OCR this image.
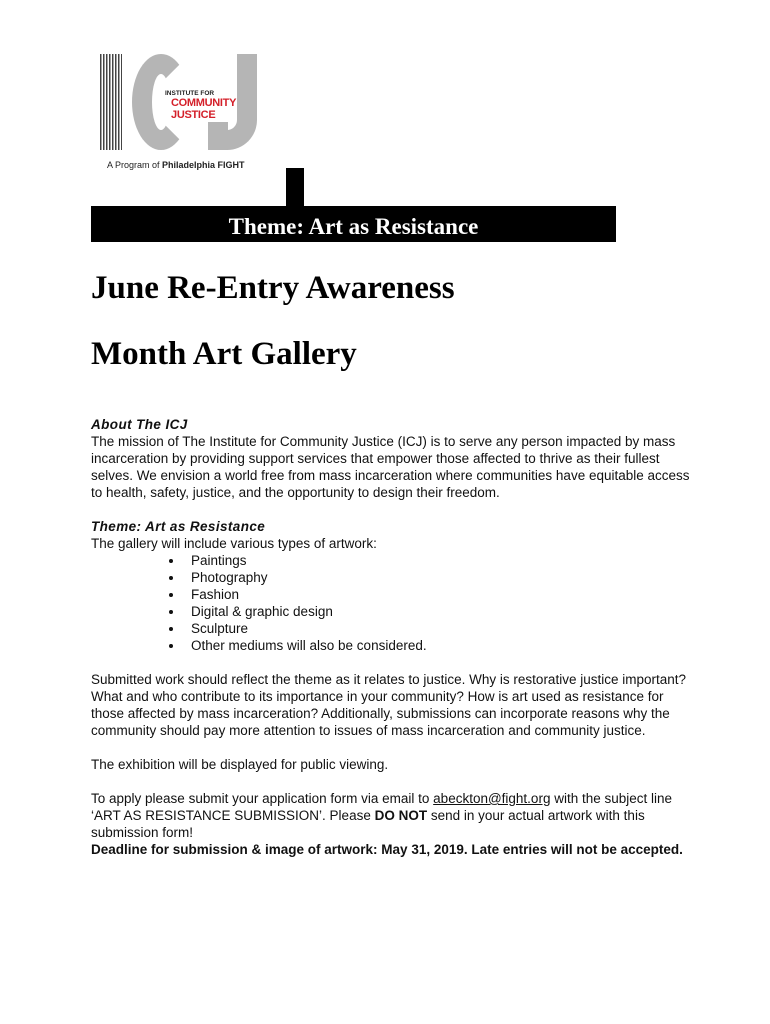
INSTITUTE FOR
COMMUNITY
JUSTICE
A Program of Philadelphia FIGHT
Theme: Art as Resistance
June Re-Entry Awareness
Month Art Gallery

About The ICJ

The mission of The Institute for Community Justice (ICJ) is to serve any person impacted by mass incarceration by providing support services that empower those affected to thrive as their fullest selves. We envision a world free from mass incarceration where communities have equitable access to health, safety, justice, and the opportunity to design their freedom.

Theme: Art as Resistance

The gallery will include various types of artwork:

• Paintings
• Photography
• Fashion
• Digital & graphic design
• Sculpture
• Other mediums will also be considered.

Submitted work should reflect the theme as it relates to justice. Why is restorative justice important? What and who contribute to its importance in your community? How is art used as resistance for those affected by mass incarceration? Additionally, submissions can incorporate reasons why the community should pay more attention to issues of mass incarceration and community justice.

The exhibition will be displayed for public viewing.

To apply please submit your application form via email to abeckton@fight.org with the subject line ‘ART AS RESISTANCE SUBMISSION’. Please DO NOT send in your actual artwork with this submission form!

Deadline for submission & image of artwork: May 31, 2019. Late entries will not be accepted.
